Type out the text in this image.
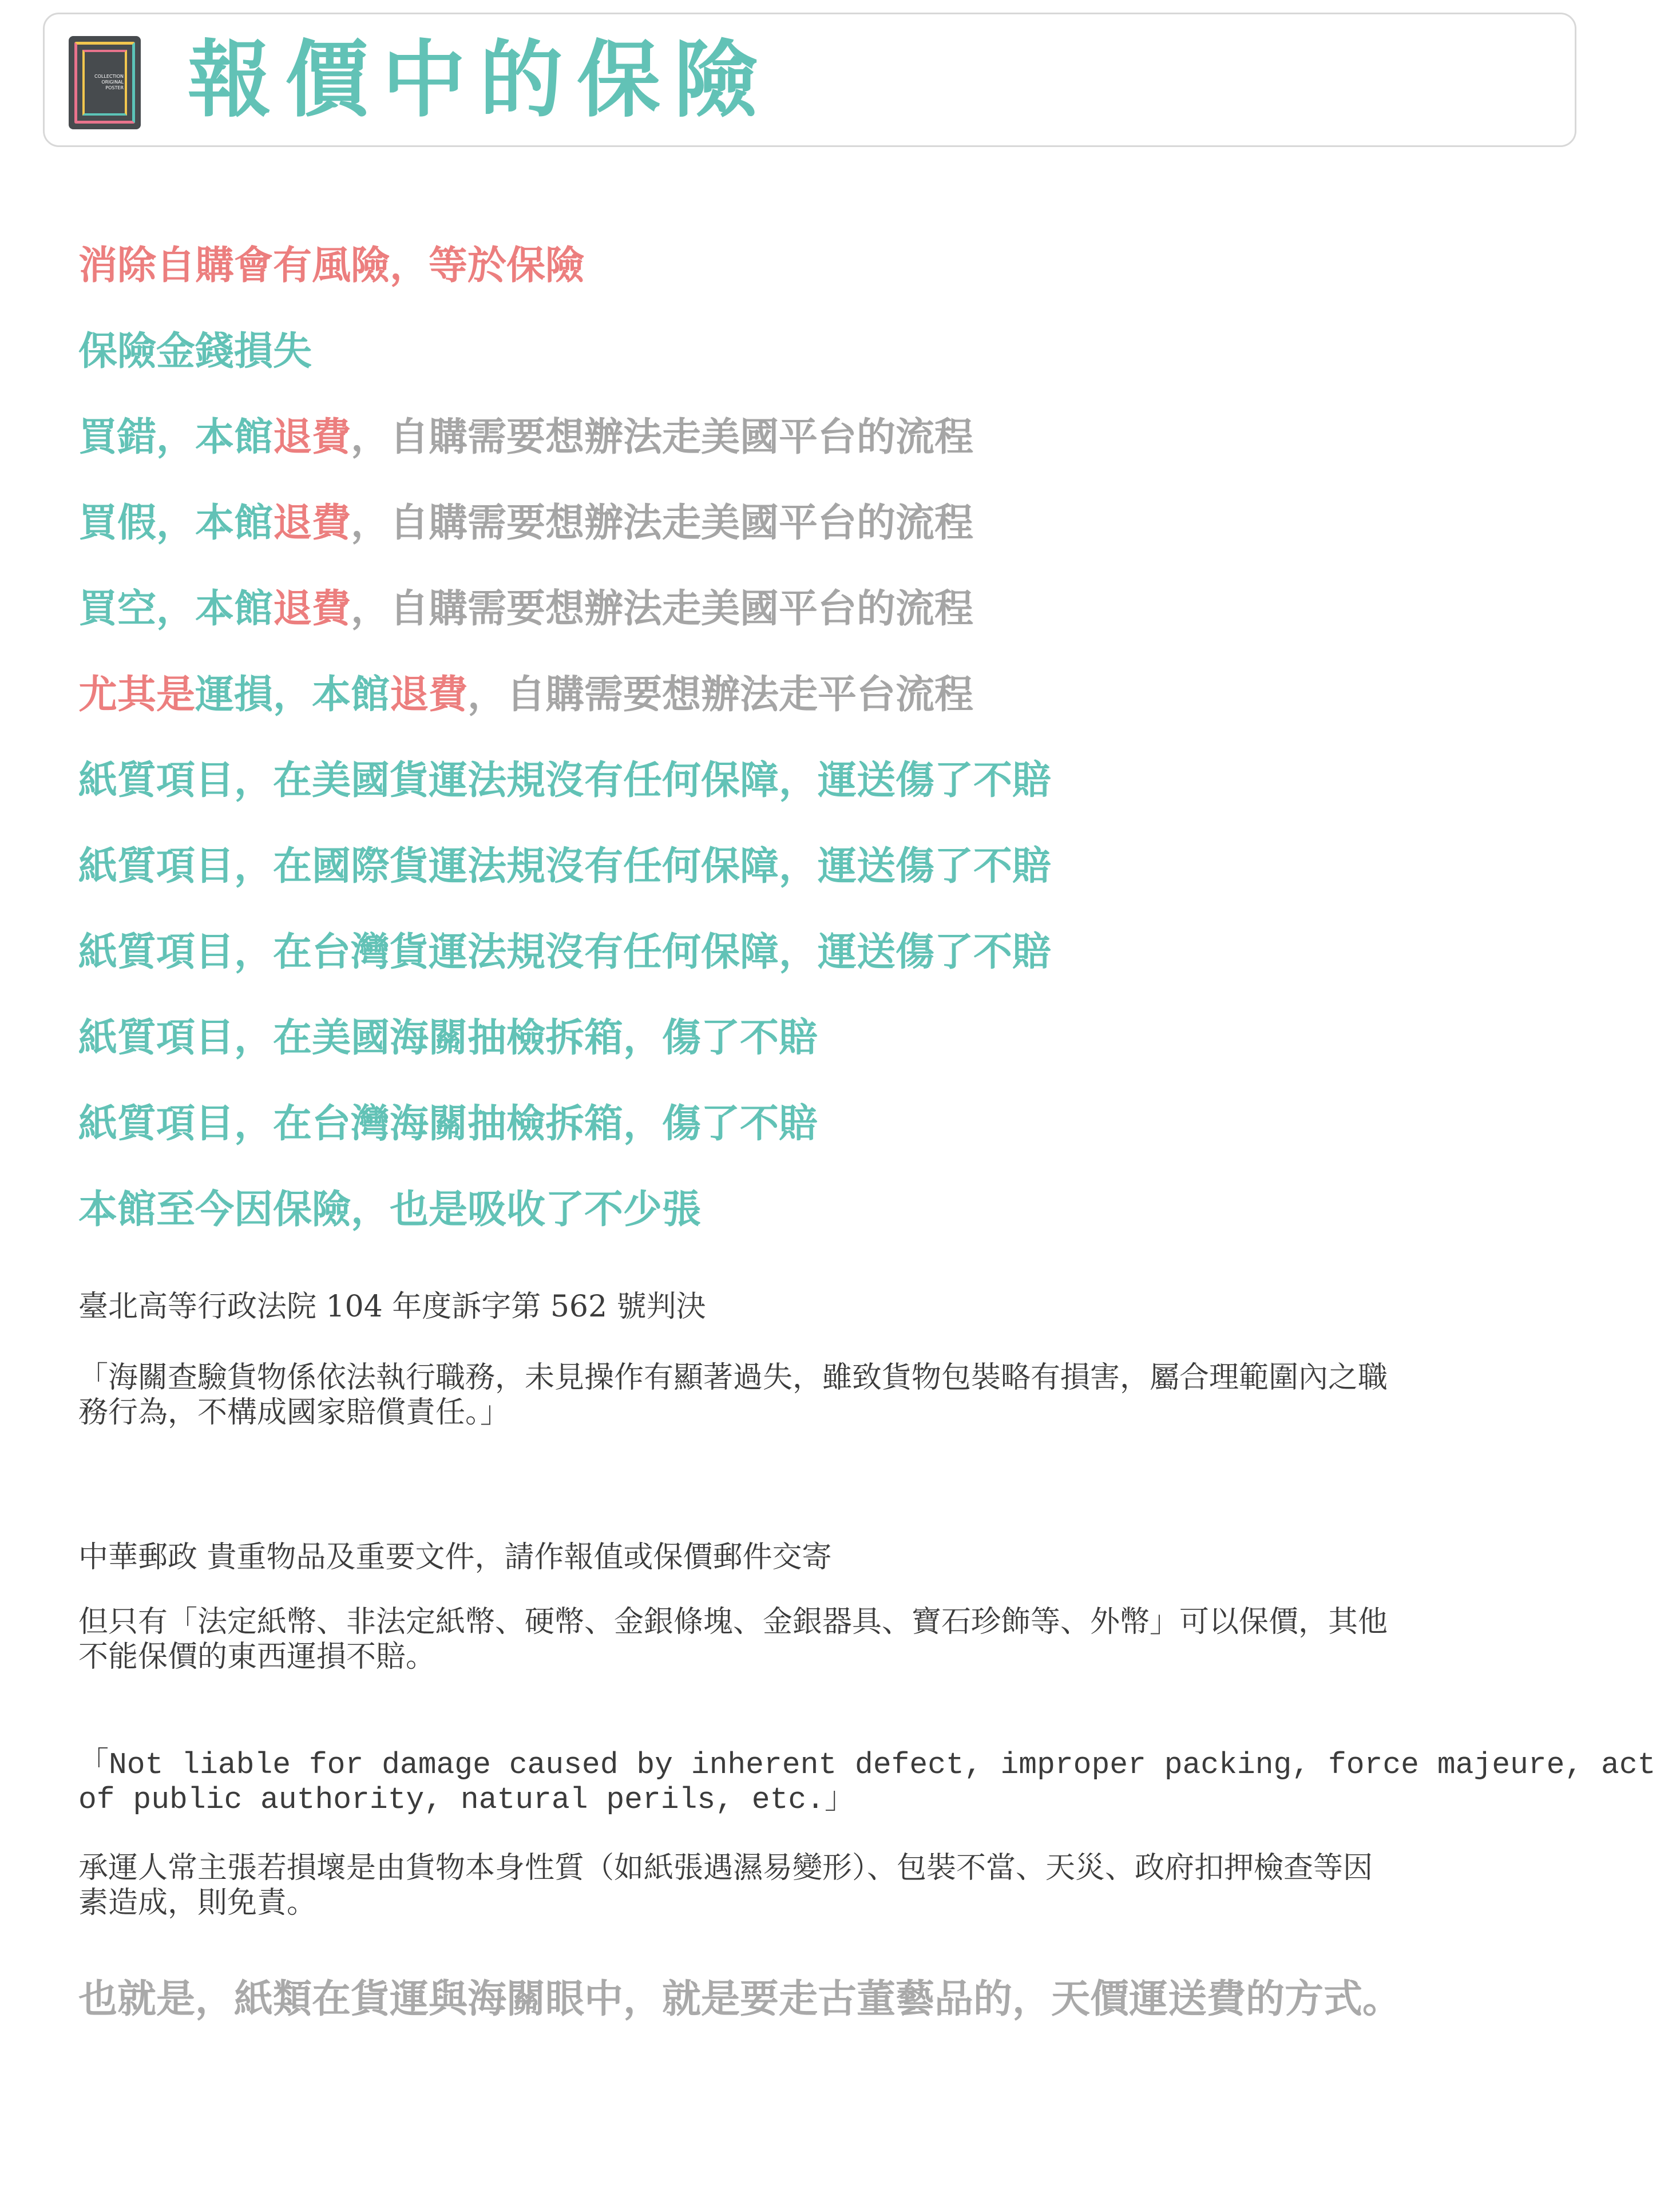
COLLECTION
ORIGINAL
POSTER 報價中的保險
消除自購會有風險，等於保險
保險金錢損失
買錯，本館退費，自購需要想辦法走美國平台的流程
買假，本館退費，自購需要想辦法走美國平台的流程
買空，本館退費，自購需要想辦法走美國平台的流程
尤其是運損，本館退費，自購需要想辦法走平台流程
紙質項目，在美國貨運法規沒有任何保障，運送傷了不賠
紙質項目，在國際貨運法規沒有任何保障，運送傷了不賠
紙質項目，在台灣貨運法規沒有任何保障，運送傷了不賠
紙質項目，在美國海關抽檢拆箱，傷了不賠
紙質項目，在台灣海關抽檢拆箱，傷了不賠
本館至今因保險，也是吸收了不少張
臺北高等行政法院 104 年度訴字第 562 號判決
「海關查驗貨物係依法執行職務，未見操作有顯著過失，雖致貨物包裝略有損害，屬合理範圍內之職
務行為，不構成國家賠償責任。」
中華郵政 貴重物品及重要文件，請作報值或保價郵件交寄
但只有「法定紙幣、非法定紙幣、硬幣、金銀條塊、金銀器具、寶石珍飾等、外幣」可以保價，其他
不能保價的東西運損不賠。
「Not liable for damage caused by inherent defect, improper packing, force majeure, act
of public authority, natural perils, etc.」
承運人常主張若損壞是由貨物本身性質（如紙張遇濕易變形）、包裝不當、天災、政府扣押檢查等因
素造成，則免責。
也就是，紙類在貨運與海關眼中，就是要走古董藝品的，天價運送費的方式。
